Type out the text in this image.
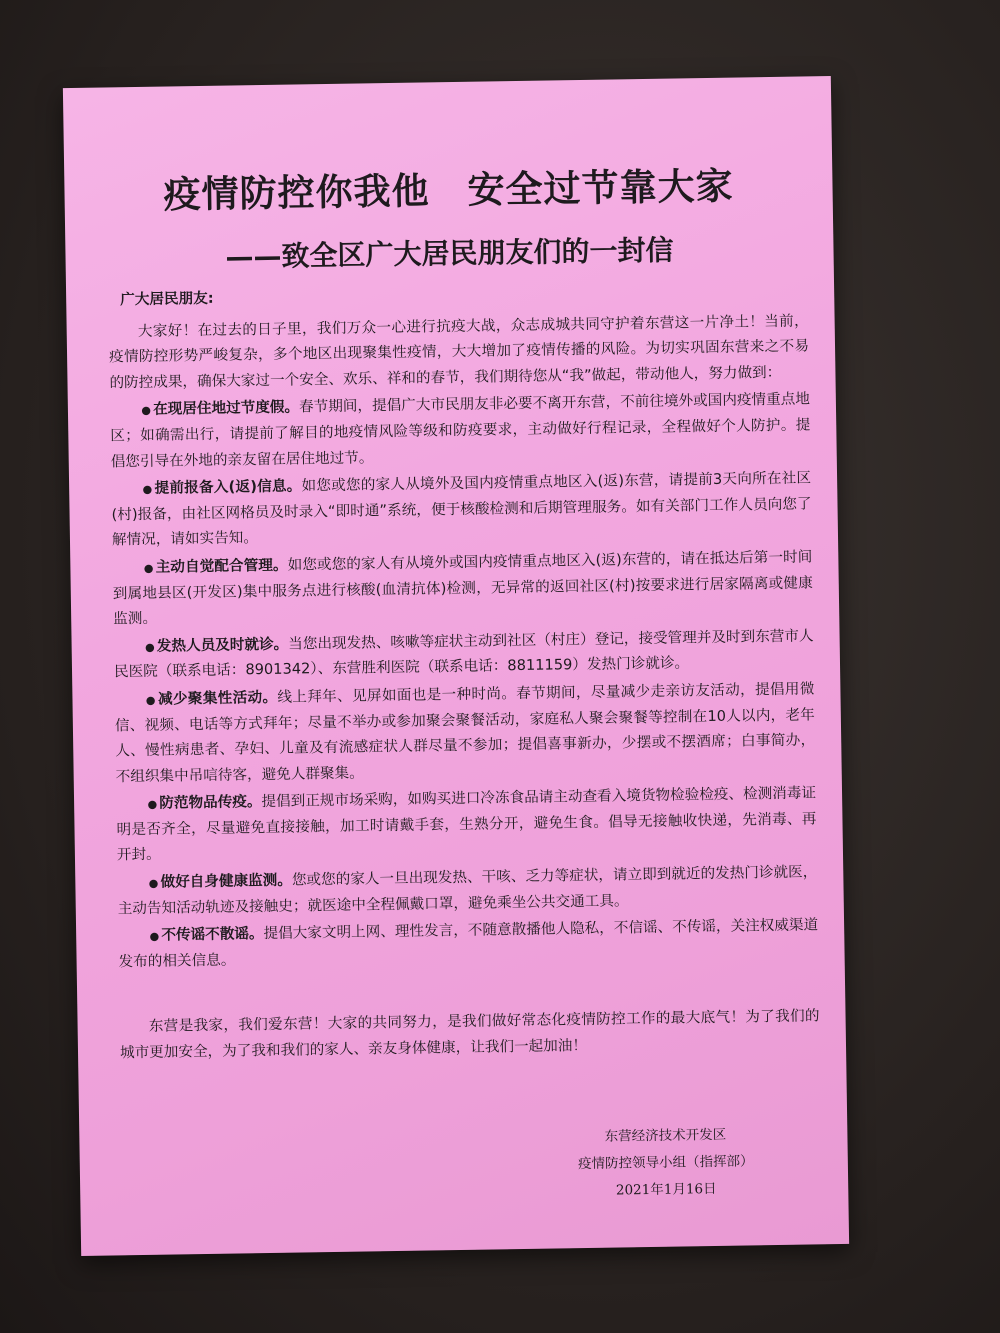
疫情防控你我他　安全过节靠大家
——致全区广大居民朋友们的一封信
广大居民朋友:

大家好！在过去的日子里，我们万众一心进行抗疫大战，众志成城共同守护着东营这一片净土！当前，疫情防控形势严峻复杂，多个地区出现聚集性疫情，大大增加了疫情传播的风险。为切实巩固东营来之不易的防控成果，确保大家过一个安全、欢乐、祥和的春节，我们期待您从“我”做起，带动他人，努力做到：

● 在现居住地过节度假。春节期间，提倡广大市民朋友非必要不离开东营，不前往境外或国内疫情重点地区；如确需出行，请提前了解目的地疫情风险等级和防疫要求，主动做好行程记录，全程做好个人防护。提倡您引导在外地的亲友留在居住地过节。

● 提前报备入(返)信息。如您或您的家人从境外及国内疫情重点地区入(返)东营，请提前3天向所在社区(村)报备，由社区网格员及时录入“即时通”系统，便于核酸检测和后期管理服务。如有关部门工作人员向您了解情况，请如实告知。

● 主动自觉配合管理。如您或您的家人有从境外或国内疫情重点地区入(返)东营的，请在抵达后第一时间到属地县区(开发区)集中服务点进行核酸(血清抗体)检测，无异常的返回社区(村)按要求进行居家隔离或健康监测。

● 发热人员及时就诊。当您出现发热、咳嗽等症状主动到社区（村庄）登记，接受管理并及时到东营市人民医院（联系电话：8901342）、东营胜利医院（联系电话：8811159）发热门诊就诊。

● 减少聚集性活动。线上拜年、见屏如面也是一种时尚。春节期间，尽量减少走亲访友活动，提倡用微信、视频、电话等方式拜年；尽量不举办或参加聚会聚餐活动，家庭私人聚会聚餐等控制在10人以内，老年人、慢性病患者、孕妇、儿童及有流感症状人群尽量不参加；提倡喜事新办，少摆或不摆酒席；白事简办，不组织集中吊唁待客，避免人群聚集。

● 防范物品传疫。提倡到正规市场采购，如购买进口冷冻食品请主动查看入境货物检验检疫、检测消毒证明是否齐全，尽量避免直接接触，加工时请戴手套，生熟分开，避免生食。倡导无接触收快递，先消毒、再开封。

● 做好自身健康监测。您或您的家人一旦出现发热、干咳、乏力等症状，请立即到就近的发热门诊就医，主动告知活动轨迹及接触史；就医途中全程佩戴口罩，避免乘坐公共交通工具。

● 不传谣不散谣。提倡大家文明上网、理性发言，不随意散播他人隐私，不信谣、不传谣，关注权威渠道发布的相关信息。

东营是我家，我们爱东营！大家的共同努力，是我们做好常态化疫情防控工作的最大底气！为了我们的城市更加安全，为了我和我们的家人、亲友身体健康，让我们一起加油！

东营经济技术开发区
疫情防控领导小组（指挥部）
2021年1月16日
